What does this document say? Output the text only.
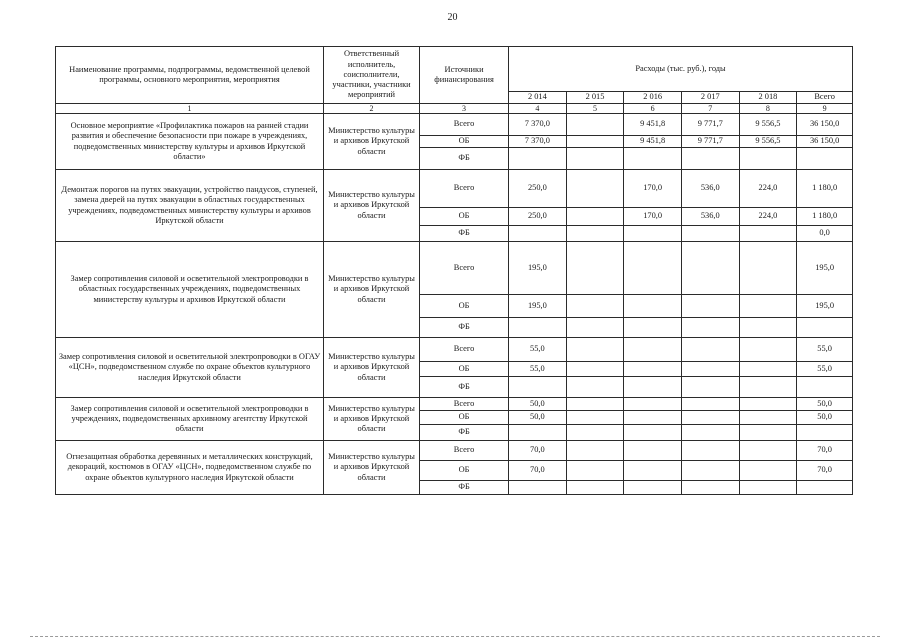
20
Наименование программы, подпрограммы, ведомственной целевой программы, основного мероприятия, мероприятия	Ответственный исполнитель, соисполнители, участники, участники мероприятий	Источники финансирования	Расходы (тыс. руб.), годы					
			2 014	2 015	2 016	2 017	2 018	Всего
1	2	3	4	5	6	7	8	9
Основное мероприятие «Профилактика пожаров на ранней стадии развития и обеспечение безопасности при пожаре в учреждениях, подведомственных министерству культуры и архивов Иркутской области»	Министерство культуры и архивов Иркутской области	Всего	7 370,0		9 451,8	9 771,7	9 556,5	36 150,0
		ОБ	7 370,0		9 451,8	9 771,7	9 556,5	36 150,0
		ФБ						
Демонтаж порогов на путях эвакуации, устройство пандусов, ступеней, замена дверей на путях эвакуации в областных государственных учреждениях, подведомственных министерству культуры и архивов Иркутской области	Министерство культуры и архивов Иркутской области	Всего	250,0		170,0	536,0	224,0	1 180,0
		ОБ	250,0		170,0	536,0	224,0	1 180,0
		ФБ						0,0
Замер сопротивления силовой и осветительной электропроводки в областных государственных учреждениях, подведомственных министерству культуры и архивов Иркутской области	Министерство культуры и архивов Иркутской области	Всего	195,0					195,0
		ОБ	195,0					195,0
		ФБ						
Замер сопротивления силовой и осветительной электропроводки в ОГАУ «ЦСН», подведомственном службе по охране объектов культурного наследия Иркутской области	Министерство культуры и архивов Иркутской области	Всего	55,0					55,0
		ОБ	55,0					55,0
		ФБ						
Замер сопротивления силовой и осветительной электропроводки в учреждениях, подведомственных архивному агентству Иркутской области	Министерство культуры и архивов Иркутской области	Всего	50,0					50,0
		ОБ	50,0					50,0
		ФБ						
Огнезащитная обработка деревянных и металлических конструкций, декораций, костюмов в ОГАУ «ЦСН», подведомственном службе по охране объектов культурного наследия Иркутской области	Министерство культуры и архивов Иркутской области	Всего	70,0					70,0
		ОБ	70,0					70,0
		ФБ						
